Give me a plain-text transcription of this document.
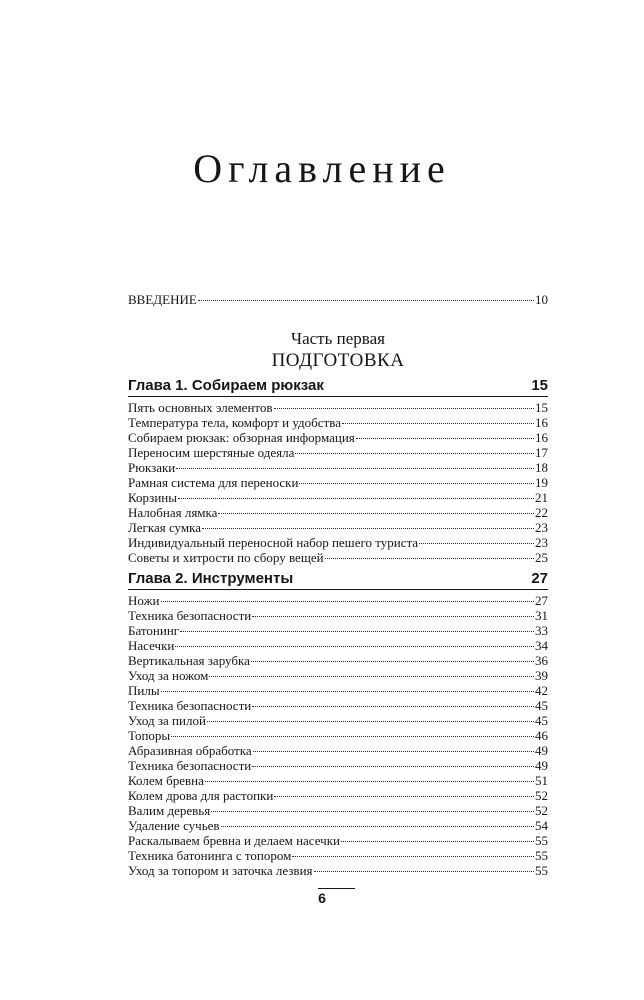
Оглавление
ВВЕДЕНИЕ	10
Часть первая
ПОДГОТОВКА
Глава 1. Собираем рюкзак	15
Пять основных элементов	15
Температура тела, комфорт и удобства	16
Собираем рюкзак: обзорная информация	16
Переносим шерстяные одеяла	17
Рюкзаки	18
Рамная система для переноски	19
Корзины	21
Налобная лямка	22
Легкая сумка	23
Индивидуальный переносной набор пешего туриста	23
Советы и хитрости по сбору вещей	25
Глава 2. Инструменты	27
Ножи	27
Техника безопасности	31
Батонинг	33
Насечки	34
Вертикальная зарубка	36
Уход за ножом	39
Пилы	42
Техника безопасности	45
Уход за пилой	45
Топоры	46
Абразивная обработка	49
Техника безопасности	49
Колем бревна	51
Колем дрова для растопки	52
Валим деревья	52
Удаление сучьев	54
Раскалываем бревна и делаем насечки	55
Техника батонинга с топором	55
Уход за топором и заточка лезвия	55
6
